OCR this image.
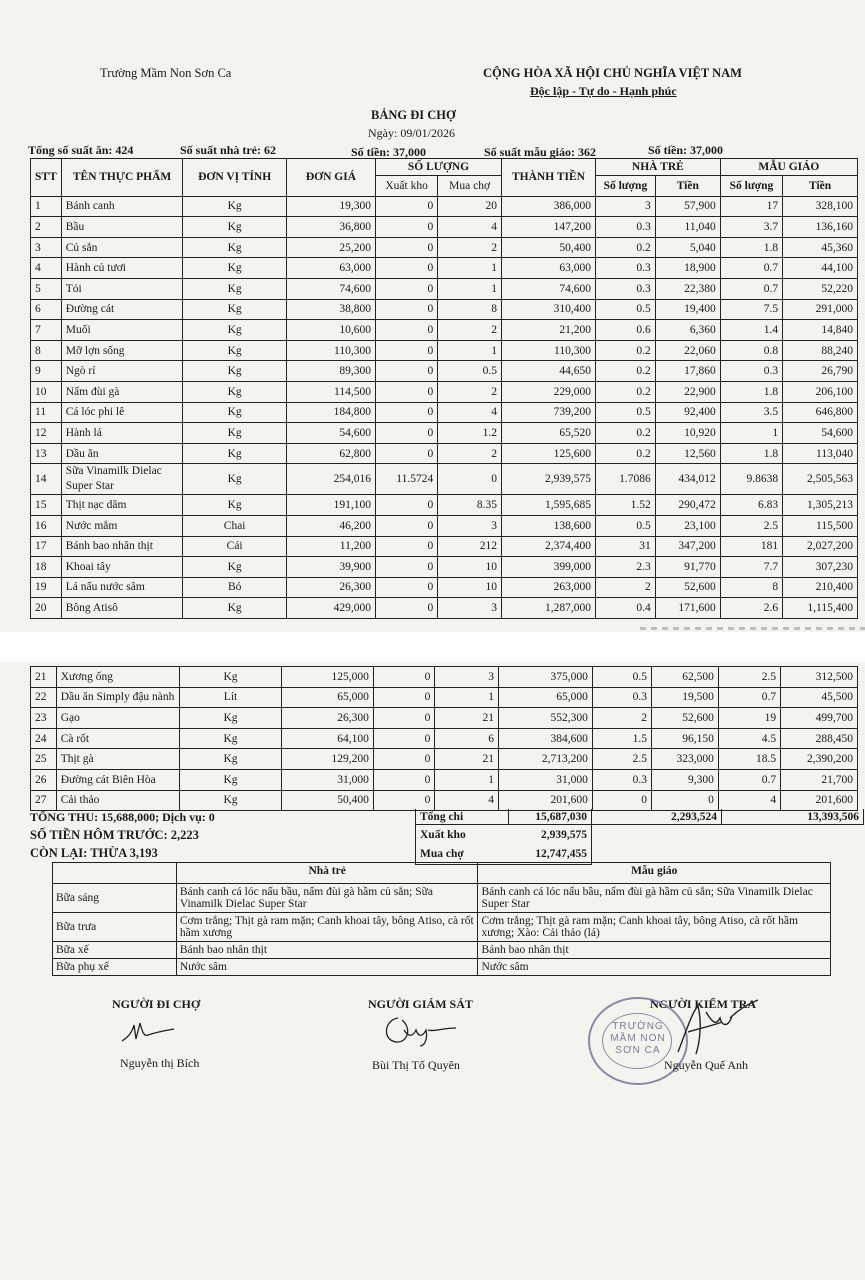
Trường Mầm Non Sơn Ca	CỘNG HÒA XÃ HỘI CHỦ NGHĨA VIỆT NAM
Độc lập - Tự do - Hạnh phúc
BẢNG ĐI CHỢ
Ngày: 09/01/2026
Tổng số suất ăn: 424	Số suất nhà trẻ: 62	Số tiền: 37,000	Số suất mẫu giáo: 362	Số tiền: 37,000
STT	TÊN THỰC PHẨM	ĐƠN VỊ TÍNH	ĐƠN GIÁ	SỐ LƯỢNG		THÀNH TIỀN	NHÀ TRẺ		MẪU GIÁO	
				Xuất kho	Mua chợ		Số lượng	Tiền	Số lượng	Tiền
1	Bánh canh	Kg	19,300	0	20	386,000	3	57,900	17	328,100
2	Bầu	Kg	36,800	0	4	147,200	0.3	11,040	3.7	136,160
3	Củ sắn	Kg	25,200	0	2	50,400	0.2	5,040	1.8	45,360
4	Hành củ tươi	Kg	63,000	0	1	63,000	0.3	18,900	0.7	44,100
5	Tỏi	Kg	74,600	0	1	74,600	0.3	22,380	0.7	52,220
6	Đường cát	Kg	38,800	0	8	310,400	0.5	19,400	7.5	291,000
7	Muối	Kg	10,600	0	2	21,200	0.6	6,360	1.4	14,840
8	Mỡ lợn sống	Kg	110,300	0	1	110,300	0.2	22,060	0.8	88,240
9	Ngò rí	Kg	89,300	0	0.5	44,650	0.2	17,860	0.3	26,790
10	Nấm đùi gà	Kg	114,500	0	2	229,000	0.2	22,900	1.8	206,100
11	Cá lóc phi lê	Kg	184,800	0	4	739,200	0.5	92,400	3.5	646,800
12	Hành lá	Kg	54,600	0	1.2	65,520	0.2	10,920	1	54,600
13	Dầu ăn	Kg	62,800	0	2	125,600	0.2	12,560	1.8	113,040
14	Sữa Vinamilk Dielac Super Star	Kg	254,016	11.5724	0	2,939,575	1.7086	434,012	9.8638	2,505,563
15	Thịt nạc dăm	Kg	191,100	0	8.35	1,595,685	1.52	290,472	6.83	1,305,213
16	Nước mắm	Chai	46,200	0	3	138,600	0.5	23,100	2.5	115,500
17	Bánh bao nhân thịt	Cái	11,200	0	212	2,374,400	31	347,200	181	2,027,200
18	Khoai tây	Kg	39,900	0	10	399,000	2.3	91,770	7.7	307,230
19	Lá nấu nước sâm	Bó	26,300	0	10	263,000	2	52,600	8	210,400
20	Bông Atisô	Kg	429,000	0	3	1,287,000	0.4	171,600	2.6	1,115,400
21	Xương ống	Kg	125,000	0	3	375,000	0.5	62,500	2.5	312,500
22	Dầu ăn Simply đậu nành	Lít	65,000	0	1	65,000	0.3	19,500	0.7	45,500
23	Gạo	Kg	26,300	0	21	552,300	2	52,600	19	499,700
24	Cà rốt	Kg	64,100	0	6	384,600	1.5	96,150	4.5	288,450
25	Thịt gà	Kg	129,200	0	21	2,713,200	2.5	323,000	18.5	2,390,200
26	Đường cát Biên Hòa	Kg	31,000	0	1	31,000	0.3	9,300	0.7	21,700
27	Cải thảo	Kg	50,400	0	4	201,600	0	0	4	201,600
TỔNG THU: 15,688,000; Dịch vụ: 0
SỐ TIỀN HÔM TRƯỚC: 2,223
CÒN LẠI: THỪA 3,193
Tổng chi	15,687,030	2,293,524	13,393,506
Xuất kho	2,939,575		
Mua chợ	12,747,455		
	Nhà trẻ	Mẫu giáo
Bữa sáng	Bánh canh cá lóc nấu bầu, nấm đùi gà hầm củ sắn; Sữa Vinamilk Dielac Super Star	Bánh canh cá lóc nấu bầu, nấm đùi gà hầm củ sắn; Sữa Vinamilk Dielac Super Star
Bữa trưa	Cơm trắng; Thịt gà ram mặn; Canh khoai tây, bông Atiso, cà rốt hầm xương	Cơm trắng; Thịt gà ram mặn; Canh khoai tây, bông Atiso, cà rốt hầm xương; Xào: Cải thảo (lá)
Bữa xế	Bánh bao nhân thịt	Bánh bao nhân thịt
Bữa phụ xế	Nước sâm	Nước sâm
NGƯỜI ĐI CHỢ	NGƯỜI GIÁM SÁT	NGƯỜI KIỂM TRA
TRƯỜNG
MẦM NON
SƠN CA
Nguyễn thị Bích	Bùi Thị Tố Quyên	Nguyễn Quế Anh
